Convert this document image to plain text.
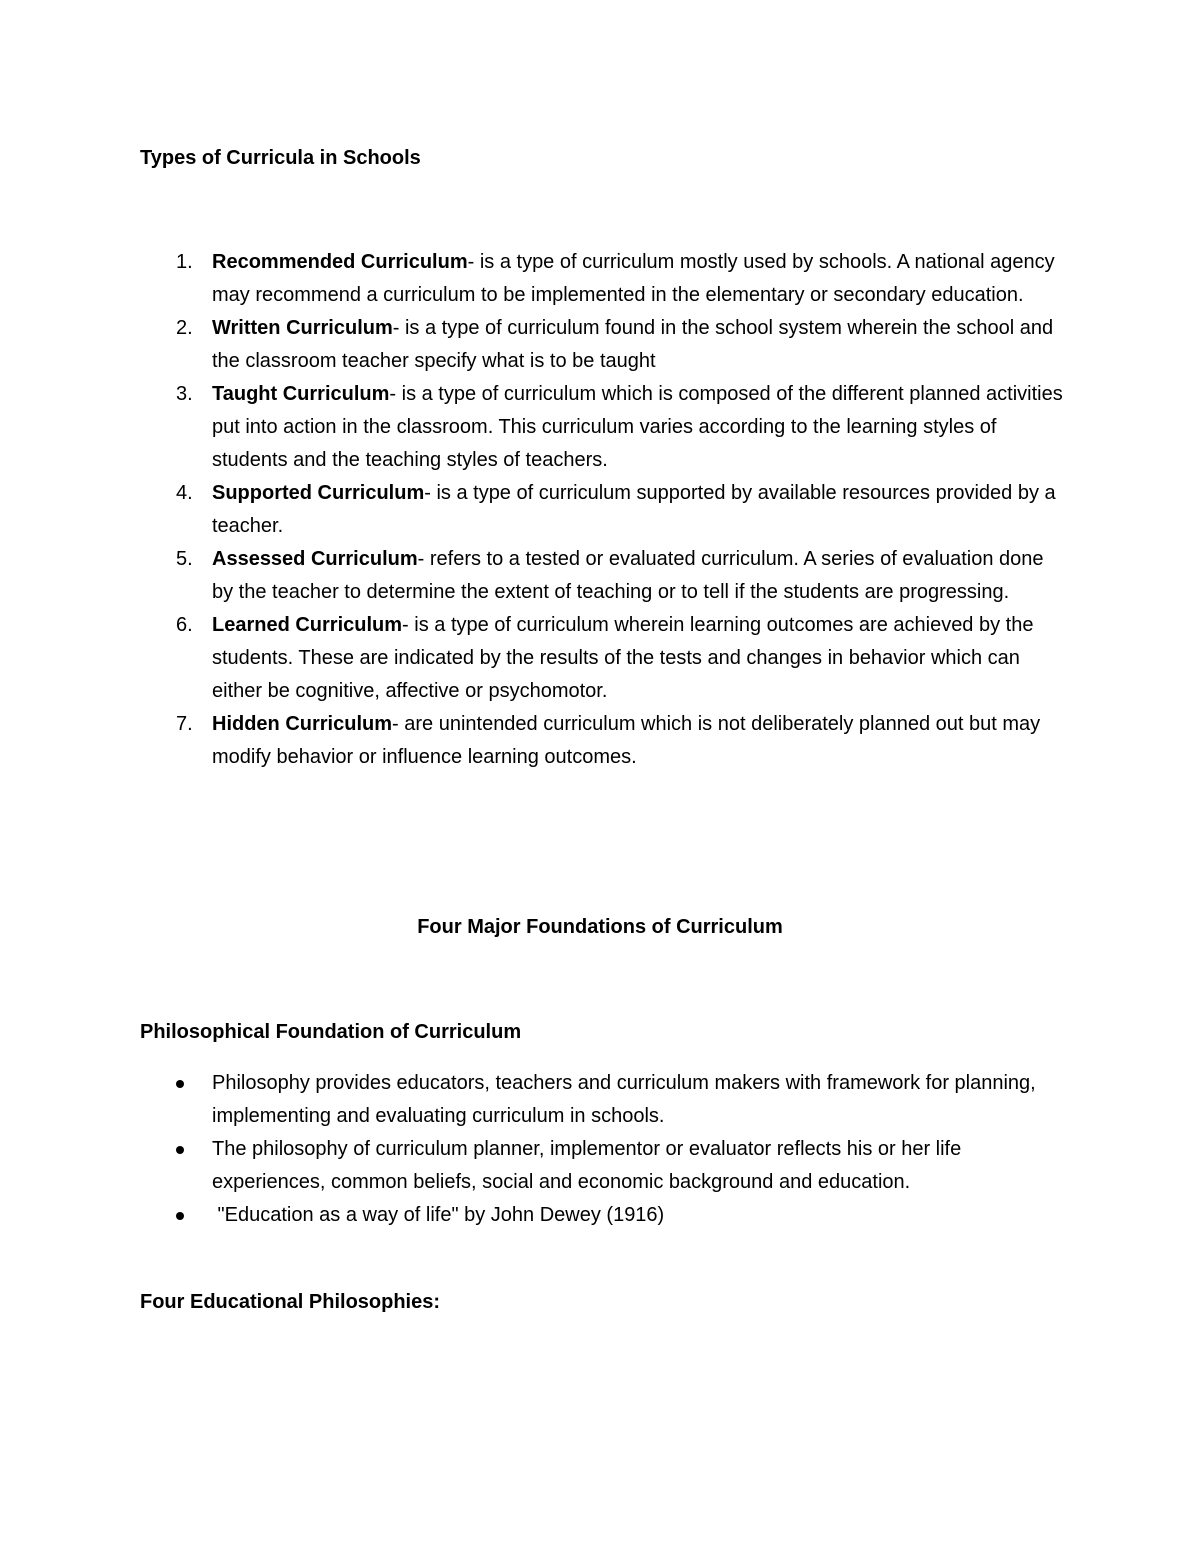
Types of Curricula in Schools
1. Recommended Curriculum- is a type of curriculum mostly used by schools. A national agency may recommend a curriculum to be implemented in the elementary or secondary education.
2. Written Curriculum- is a type of curriculum found in the school system wherein the school and the classroom teacher specify what is to be taught
3. Taught Curriculum- is a type of curriculum which is composed of the different planned activities put into action in the classroom. This curriculum varies according to the learning styles of students and the teaching styles of teachers.
4. Supported Curriculum- is a type of curriculum supported by available resources provided by a teacher.
5. Assessed Curriculum- refers to a tested or evaluated curriculum. A series of evaluation done by the teacher to determine the extent of teaching or to tell if the students are progressing.
6. Learned Curriculum- is a type of curriculum wherein learning outcomes are achieved by the students. These are indicated by the results of the tests and changes in behavior which can either be cognitive, affective or psychomotor.
7. Hidden Curriculum- are unintended curriculum which is not deliberately planned out but may modify behavior or influence learning outcomes.
Four Major Foundations of Curriculum
Philosophical Foundation of Curriculum
Philosophy provides educators, teachers and curriculum makers with framework for planning, implementing and evaluating curriculum in schools.
The philosophy of curriculum planner, implementor or evaluator reflects his or her life experiences, common beliefs, social and economic background and education.
"Education as a way of life" by John Dewey (1916)
Four Educational Philosophies:
